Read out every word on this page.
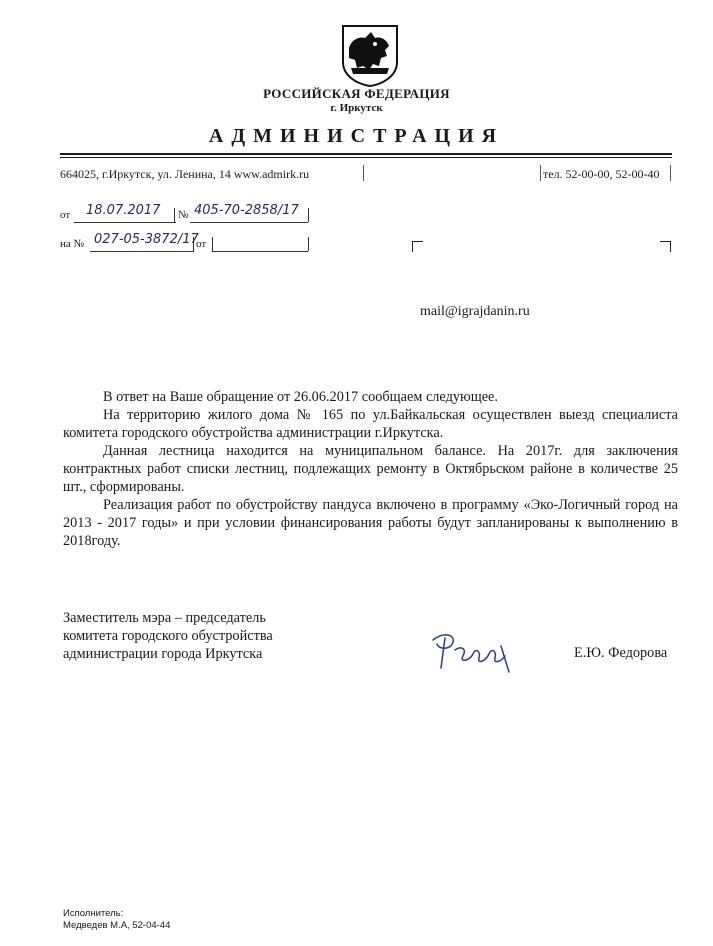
РОССИЙСКАЯ ФЕДЕРАЦИЯ
г. Иркутск
АДМИНИСТРАЦИЯ
664025, г.Иркутск, ул. Ленина, 14 www.admirk.ru	тел. 52-00-00, 52-00-40
от 18.07.2017 № 405-70-2858/17
на № 027-05-3872/17
от
mail@igrajdanin.ru

В ответ на Ваше обращение от 26.06.2017 сообщаем следующее.

На территорию жилого дома № 165 по ул.Байкальская осуществлен выезд специалиста комитета городского обустройства администрации г.Иркутска.

Данная лестница находится на муниципальном балансе. На 2017г. для заключения контрактных работ списки лестниц, подлежащих ремонту в Октябрьском районе в количестве 25 шт., сформированы.

Реализация работ по обустройству пандуса включено в программу «Эко-Логичный город на 2013 - 2017 годы» и при условии финансирования работы будут запланированы к выполнению в 2018году.

Заместитель мэра – председатель
комитета городского обустройства
администрации города Иркутска	Е.Ю. Федорова
Исполнитель:
Медведев М.А, 52-04-44
